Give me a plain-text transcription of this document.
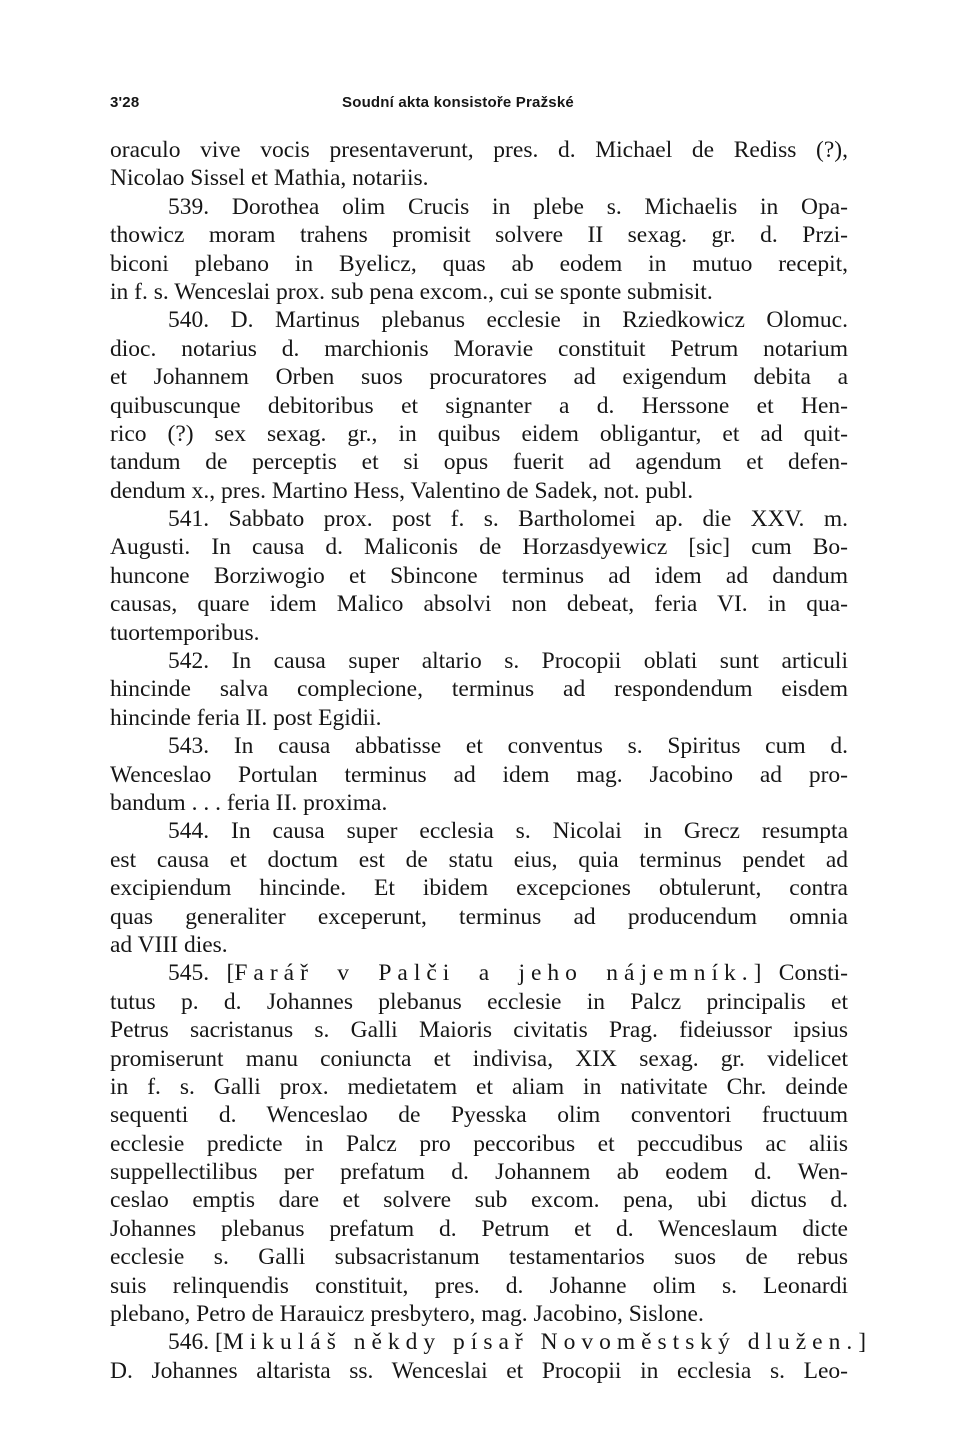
3'28	Soudní akta konsistoře Pražské
oraculo vive vocis presentaverunt, pres. d. Michael de Rediss (?),
Nicolao Sissel et Mathia, notariis.
539. Dorothea olim Crucis in plebe s. Michaelis in Opa-
thowicz moram trahens promisit solvere II sexag. gr. d. Przi-
biconi plebano in Byelicz, quas ab eodem in mutuo recepit,
in f. s. Wenceslai prox. sub pena excom., cui se sponte submisit.
540. D. Martinus plebanus ecclesie in Rziedkowicz Olomuc.
dioc. notarius d. marchionis Moravie constituit Petrum notarium
et Johannem Orben suos procuratores ad exigendum debita a
quibuscunque debitoribus et signanter a d. Herssone et Hen-
rico (?) sex sexag. gr., in quibus eidem obligantur, et ad quit-
tandum de perceptis et si opus fuerit ad agendum et defen-
dendum x., pres. Martino Hess, Valentino de Sadek, not. publ.
541. Sabbato prox. post f. s. Bartholomei ap. die XXV. m.
Augusti. In causa d. Maliconis de Horzasdyewicz [sic] cum Bo-
huncone Borziwogio et Sbincone terminus ad idem ad dandum
causas, quare idem Malico absolvi non debeat, feria VI. in qua-
tuortemporibus.
542. In causa super altario s. Procopii oblati sunt articuli
hincinde salva complecione, terminus ad respondendum eisdem
hincinde feria II. post Egidii.
543. In causa abbatisse et conventus s. Spiritus cum d.
Wenceslao Portulan terminus ad idem mag. Jacobino ad pro-
bandum . . . feria II. proxima.
544. In causa super ecclesia s. Nicolai in Grecz resumpta
est causa et doctum est de statu eius, quia terminus pendet ad
excipiendum hincinde. Et ibidem excepciones obtulerunt, contra
quas generaliter exceperunt, terminus ad producendum omnia
ad VIII dies.
545. [Farář v Palči a jeho nájemník.] Consti-
tutus p. d. Johannes plebanus ecclesie in Palcz principalis et
Petrus sacristanus s. Galli Maioris civitatis Prag. fideiussor ipsius
promiserunt manu coniuncta et indivisa, XIX sexag. gr. videlicet
in f. s. Galli prox. medietatem et aliam in nativitate Chr. deinde
sequenti d. Wenceslao de Pyesska olim conventori fructuum
ecclesie predicte in Palcz pro peccoribus et peccudibus ac aliis
suppellectilibus per prefatum d. Johannem ab eodem d. Wen-
ceslao emptis dare et solvere sub excom. pena, ubi dictus d.
Johannes plebanus prefatum d. Petrum et d. Wenceslaum dicte
ecclesie s. Galli subsacristanum testamentarios suos de rebus
suis relinquendis constituit, pres. d. Johanne olim s. Leonardi
plebano, Petro de Harauicz presbytero, mag. Jacobino, Sislone.
546. [Mikuláš někdy písař Novoměstský dlužen.]
D. Johannes altarista ss. Wenceslai et Procopii in ecclesia s. Leo-
